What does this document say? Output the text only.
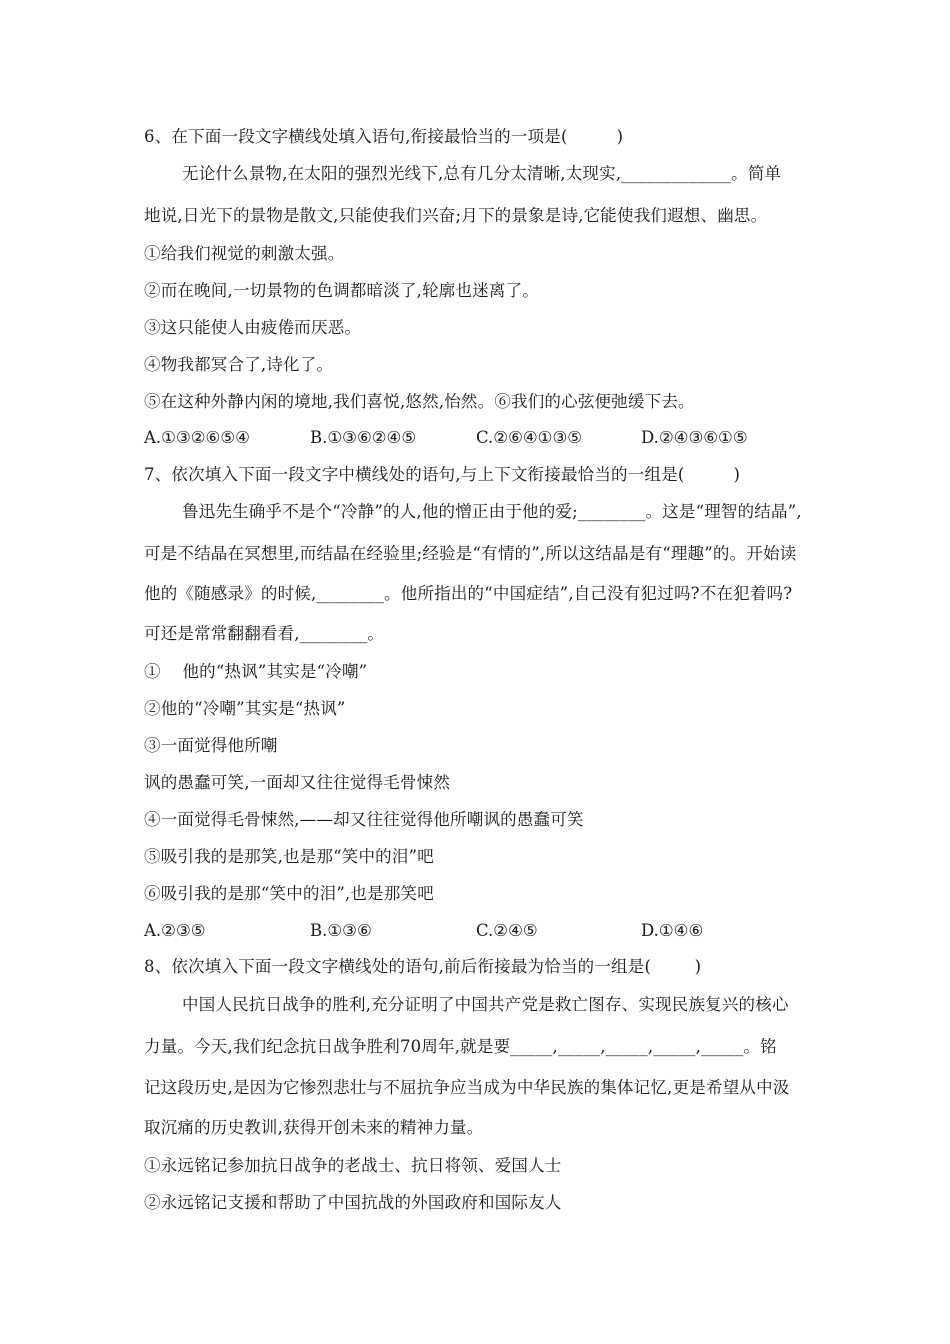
6、在下面一段文字横线处填入语句,衔接最恰当的一项是(         )
无论什么景物,在太阳的强烈光线下,总有几分太清晰,太现实,_____________。简单
地说,日光下的景物是散文,只能使我们兴奋;月下的景象是诗,它能使我们遐想、幽思。
①给我们视觉的刺激太强。
②而在晚间,一切景物的色调都暗淡了,轮廓也迷离了。
③这只能使人由疲倦而厌恶。
④物我都冥合了,诗化了。
⑤在这种外静内闲的境地,我们喜悦,悠然,怡然。⑥我们的心弦便弛缓下去。
A.①③②⑥⑤④	B.①③⑥②④⑤	C.②⑥④①③⑤	D.②④③⑥①⑤
7、依次填入下面一段文字中横线处的语句,与上下文衔接最恰当的一组是(         )
鲁迅先生确乎不是个“冷静”的人,他的憎正由于他的爱;________。这是“理智的结晶”,
可是不结晶在冥想里,而结晶在经验里;经验是“有情的”,所以这结晶是有“理趣”的。开始读
他的《随感录》的时候,________。他所指出的“中国症结”,自己没有犯过吗?不在犯着吗?
可还是常常翻翻看看,________。
①    他的“热讽”其实是“冷嘲”
②他的“冷嘲”其实是“热讽”
③一面觉得他所嘲
讽的愚蠢可笑,一面却又往往觉得毛骨悚然
④一面觉得毛骨悚然,——却又往往觉得他所嘲讽的愚蠢可笑
⑤吸引我的是那笑,也是那“笑中的泪”吧
⑥吸引我的是那“笑中的泪”,也是那笑吧
A.②③⑤	B.①③⑥	C.②④⑤	D.①④⑥
8、依次填入下面一段文字横线处的语句,前后衔接最为恰当的一组是(        )
中国人民抗日战争的胜利,充分证明了中国共产党是救亡图存、实现民族复兴的核心
力量。今天,我们纪念抗日战争胜利70周年,就是要_____,_____,_____,_____,_____。铭
记这段历史,是因为它惨烈悲壮与不屈抗争应当成为中华民族的集体记忆,更是希望从中汲
取沉痛的历史教训,获得开创未来的精神力量。
①永远铭记参加抗日战争的老战士、抗日将领、爱国人士
②永远铭记支援和帮助了中国抗战的外国政府和国际友人
